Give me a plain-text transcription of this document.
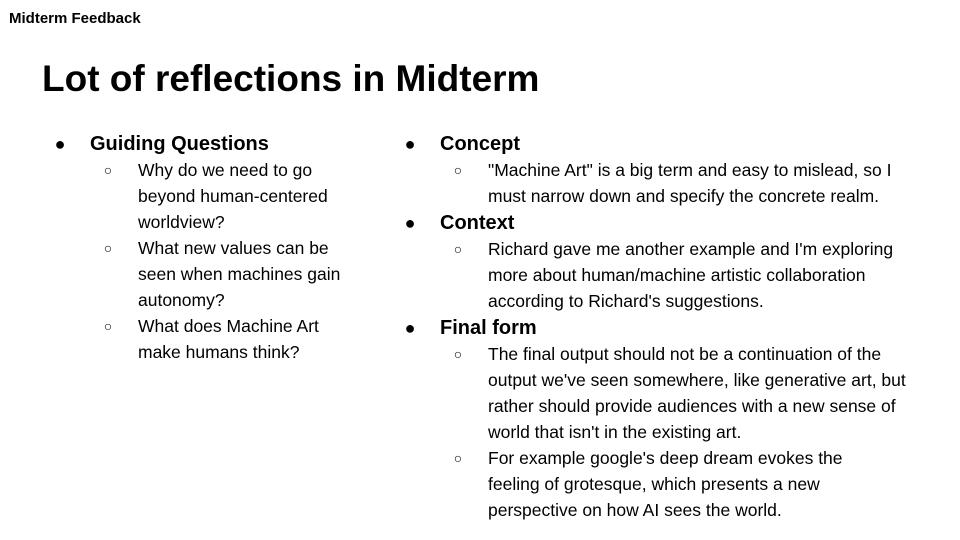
Midterm Feedback
Lot of reflections in Midterm
● Guiding Questions
○ Why do we need to go beyond human-centered worldview?
○ What new values can be seen when machines gain autonomy?
○ What does Machine Art make humans think?
● Concept
○ "Machine Art" is a big term and easy to mislead, so I must narrow down and specify the concrete realm.
● Context
○ Richard gave me another example and I'm exploring more about human/machine artistic collaboration according to Richard's suggestions.
● Final form
○ The final output should not be a continuation of the output we've seen somewhere, like generative art, but rather should provide audiences with a new sense of world that isn't in the existing art.
○ For example google's deep dream evokes the feeling of grotesque, which presents a new perspective on how AI sees the world.
